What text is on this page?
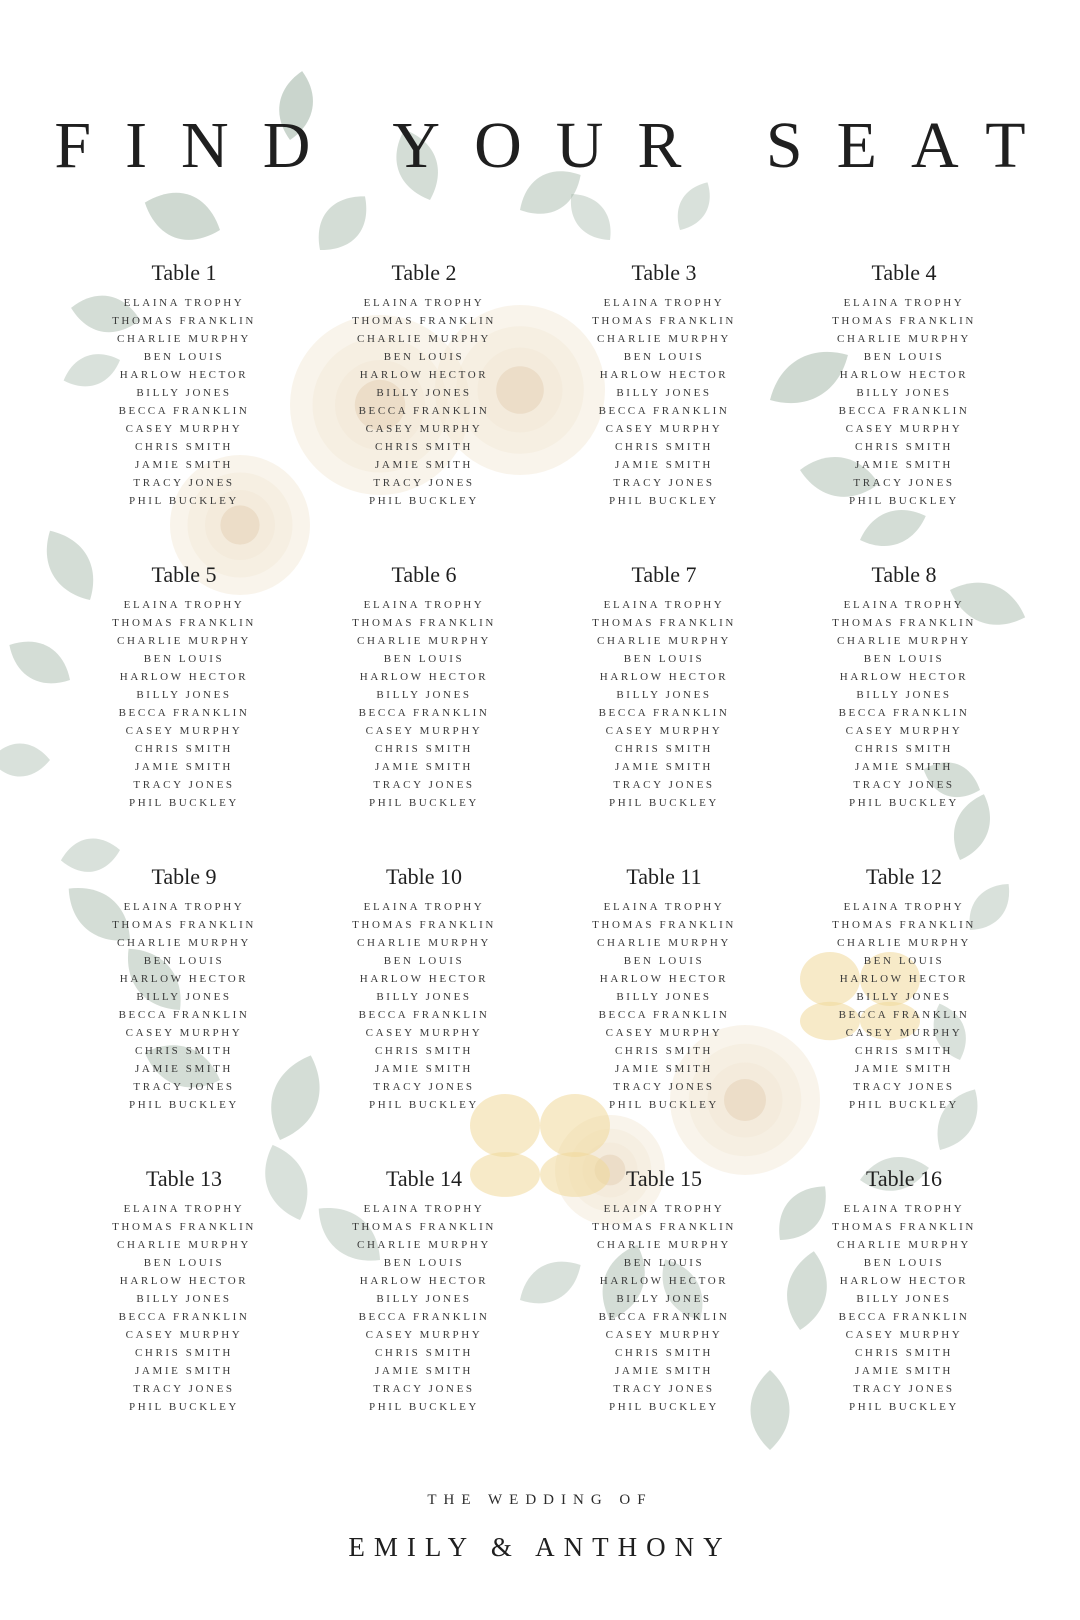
FIND YOUR SEAT
Table 1
ELAINA TROPHY
THOMAS FRANKLIN
CHARLIE MURPHY
BEN LOUIS
HARLOW HECTOR
BILLY JONES
BECCA FRANKLIN
CASEY MURPHY
CHRIS SMITH
JAMIE SMITH
TRACY JONES
PHIL BUCKLEY
Table 2
ELAINA TROPHY
THOMAS FRANKLIN
CHARLIE MURPHY
BEN LOUIS
HARLOW HECTOR
BILLY JONES
BECCA FRANKLIN
CASEY MURPHY
CHRIS SMITH
JAMIE SMITH
TRACY JONES
PHIL BUCKLEY
Table 3
ELAINA TROPHY
THOMAS FRANKLIN
CHARLIE MURPHY
BEN LOUIS
HARLOW HECTOR
BILLY JONES
BECCA FRANKLIN
CASEY MURPHY
CHRIS SMITH
JAMIE SMITH
TRACY JONES
PHIL BUCKLEY
Table 4
ELAINA TROPHY
THOMAS FRANKLIN
CHARLIE MURPHY
BEN LOUIS
HARLOW HECTOR
BILLY JONES
BECCA FRANKLIN
CASEY MURPHY
CHRIS SMITH
JAMIE SMITH
TRACY JONES
PHIL BUCKLEY
Table 5
ELAINA TROPHY
THOMAS FRANKLIN
CHARLIE MURPHY
BEN LOUIS
HARLOW HECTOR
BILLY JONES
BECCA FRANKLIN
CASEY MURPHY
CHRIS SMITH
JAMIE SMITH
TRACY JONES
PHIL BUCKLEY
Table 6
ELAINA TROPHY
THOMAS FRANKLIN
CHARLIE MURPHY
BEN LOUIS
HARLOW HECTOR
BILLY JONES
BECCA FRANKLIN
CASEY MURPHY
CHRIS SMITH
JAMIE SMITH
TRACY JONES
PHIL BUCKLEY
Table 7
ELAINA TROPHY
THOMAS FRANKLIN
CHARLIE MURPHY
BEN LOUIS
HARLOW HECTOR
BILLY JONES
BECCA FRANKLIN
CASEY MURPHY
CHRIS SMITH
JAMIE SMITH
TRACY JONES
PHIL BUCKLEY
Table 8
ELAINA TROPHY
THOMAS FRANKLIN
CHARLIE MURPHY
BEN LOUIS
HARLOW HECTOR
BILLY JONES
BECCA FRANKLIN
CASEY MURPHY
CHRIS SMITH
JAMIE SMITH
TRACY JONES
PHIL BUCKLEY
Table 9
ELAINA TROPHY
THOMAS FRANKLIN
CHARLIE MURPHY
BEN LOUIS
HARLOW HECTOR
BILLY JONES
BECCA FRANKLIN
CASEY MURPHY
CHRIS SMITH
JAMIE SMITH
TRACY JONES
PHIL BUCKLEY
Table 10
ELAINA TROPHY
THOMAS FRANKLIN
CHARLIE MURPHY
BEN LOUIS
HARLOW HECTOR
BILLY JONES
BECCA FRANKLIN
CASEY MURPHY
CHRIS SMITH
JAMIE SMITH
TRACY JONES
PHIL BUCKLEY
Table 11
ELAINA TROPHY
THOMAS FRANKLIN
CHARLIE MURPHY
BEN LOUIS
HARLOW HECTOR
BILLY JONES
BECCA FRANKLIN
CASEY MURPHY
CHRIS SMITH
JAMIE SMITH
TRACY JONES
PHIL BUCKLEY
Table 12
ELAINA TROPHY
THOMAS FRANKLIN
CHARLIE MURPHY
BEN LOUIS
HARLOW HECTOR
BILLY JONES
BECCA FRANKLIN
CASEY MURPHY
CHRIS SMITH
JAMIE SMITH
TRACY JONES
PHIL BUCKLEY
Table 13
ELAINA TROPHY
THOMAS FRANKLIN
CHARLIE MURPHY
BEN LOUIS
HARLOW HECTOR
BILLY JONES
BECCA FRANKLIN
CASEY MURPHY
CHRIS SMITH
JAMIE SMITH
TRACY JONES
PHIL BUCKLEY
Table 14
ELAINA TROPHY
THOMAS FRANKLIN
CHARLIE MURPHY
BEN LOUIS
HARLOW HECTOR
BILLY JONES
BECCA FRANKLIN
CASEY MURPHY
CHRIS SMITH
JAMIE SMITH
TRACY JONES
PHIL BUCKLEY
Table 15
ELAINA TROPHY
THOMAS FRANKLIN
CHARLIE MURPHY
BEN LOUIS
HARLOW HECTOR
BILLY JONES
BECCA FRANKLIN
CASEY MURPHY
CHRIS SMITH
JAMIE SMITH
TRACY JONES
PHIL BUCKLEY
Table 16
ELAINA TROPHY
THOMAS FRANKLIN
CHARLIE MURPHY
BEN LOUIS
HARLOW HECTOR
BILLY JONES
BECCA FRANKLIN
CASEY MURPHY
CHRIS SMITH
JAMIE SMITH
TRACY JONES
PHIL BUCKLEY
THE WEDDING OF
EMILY & ANTHONY
